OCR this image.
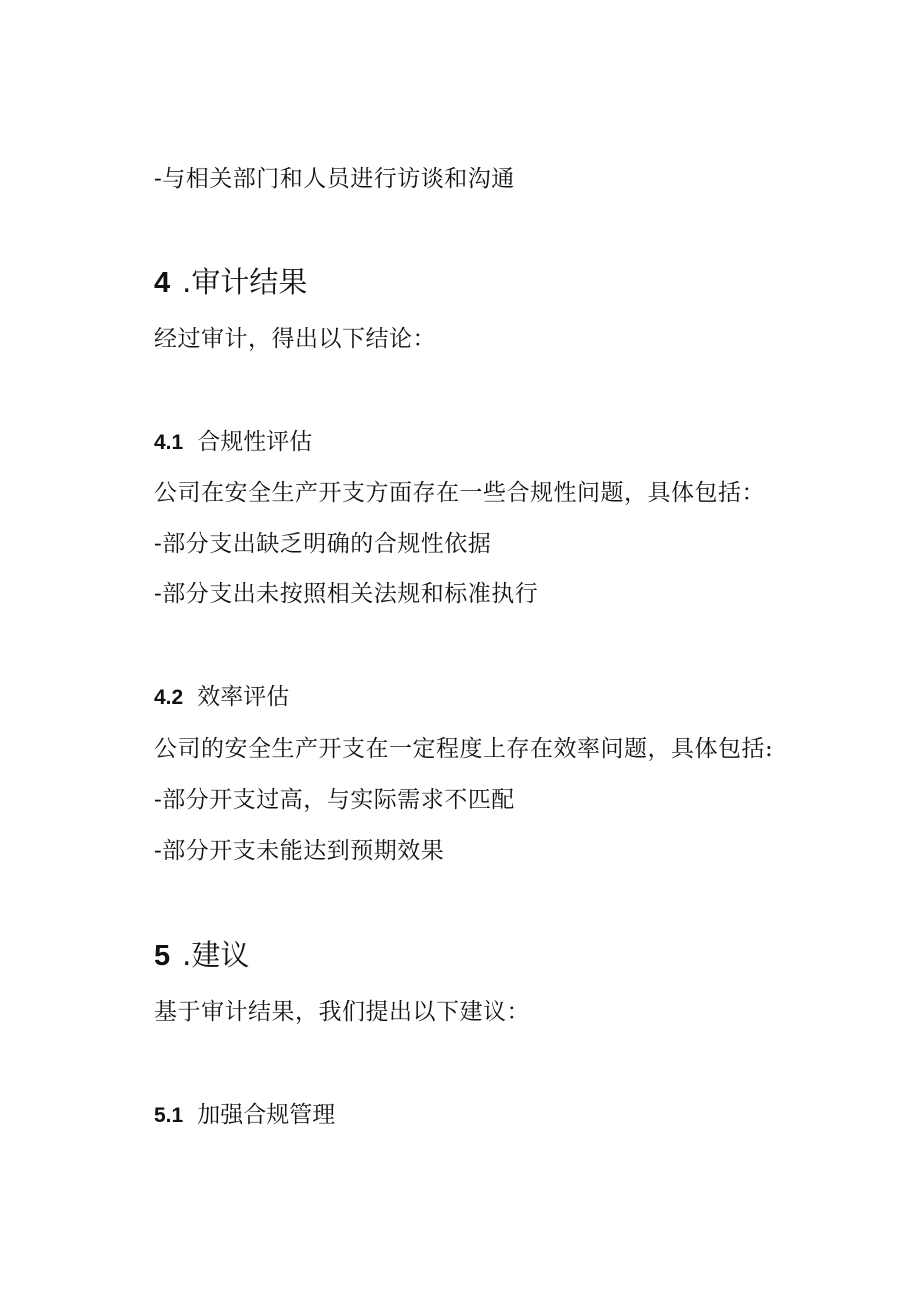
-与相关部门和人员进行访谈和沟通
4 .审计结果
经过审计，得出以下结论：
4.1 合规性评估
公司在安全生产开支方面存在一些合规性问题，具体包括：
-部分支出缺乏明确的合规性依据
-部分支出未按照相关法规和标准执行
4.2 效率评估
公司的安全生产开支在一定程度上存在效率问题，具体包括:
-部分开支过高，与实际需求不匹配
-部分开支未能达到预期效果
5 .建议
基于审计结果，我们提出以下建议：
5.1 加强合规管理
